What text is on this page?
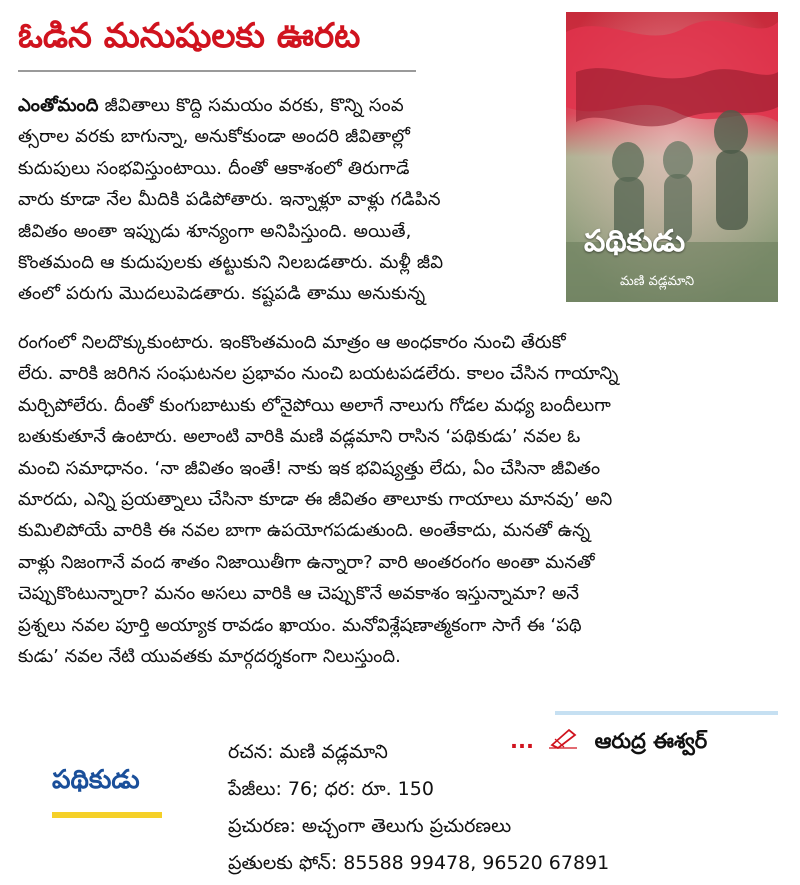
ఓడిన మనుషులకు ఊరట
పథికుడు
మణి వడ్లమాని
ఎంతోమంది జీవితాలు కొద్ది సమయం వరకు, కొన్ని సంవ
త్సరాల వరకు బాగున్నా, అనుకోకుండా అందరి జీవితాల్లో
కుదుపులు సంభవిస్తుంటాయి. దీంతో ఆకాశంలో తిరుగాడే
వారు కూడా నేల మీదికి పడిపోతారు. ఇన్నాళ్లూ వాళ్లు గడిపిన
జీవితం అంతా ఇప్పుడు శూన్యంగా అనిపిస్తుంది. అయితే,
కొంతమంది ఆ కుదుపులకు తట్టుకుని నిలబడతారు. మళ్లీ జీవి
తంలో పరుగు మొదలుపెడతారు. కష్టపడి తాము అనుకున్న
రంగంలో నిలదొక్కుకుంటారు. ఇంకొంతమంది మాత్రం ఆ అంధకారం నుంచి తేరుకో
లేరు. వారికి జరిగిన సంఘటనల ప్రభావం నుంచి బయటపడలేరు. కాలం చేసిన గాయాన్ని
మర్చిపోలేరు. దీంతో కుంగుబాటుకు లోనైపోయి అలాగే నాలుగు గోడల మధ్య బందీలుగా
బతుకుతూనే ఉంటారు. అలాంటి వారికి మణి వడ్లమాని రాసిన ‘పథికుడు’ నవల ఓ
మంచి సమాధానం. ‘నా జీవితం ఇంతే! నాకు ఇక భవిష్యత్తు లేదు, ఏం చేసినా జీవితం
మారదు, ఎన్ని ప్రయత్నాలు చేసినా కూడా ఈ జీవితం తాలూకు గాయాలు మానవు’ అని
కుమిలిపోయే వారికి ఈ నవల బాగా ఉపయోగపడుతుంది. అంతేకాదు, మనతో ఉన్న
వాళ్లు నిజంగానే వంద శాతం నిజాయితీగా ఉన్నారా? వారి అంతరంగం అంతా మనతో
చెప్పుకొంటున్నారా? మనం అసలు వారికి ఆ చెప్పుకొనే అవకాశం ఇస్తున్నామా? అనే
ప్రశ్నలు నవల పూర్తి అయ్యాక రావడం ఖాయం. మనోవిశ్లేషణాత్మకంగా సాగే ఈ ‘పథి
కుడు’ నవల నేటి యువతకు మార్గదర్శకంగా నిలుస్తుంది.
...	ఆరుద్ర ఈశ్వర్
పథికుడు
రచన: మణి వడ్లమాని
పేజీలు: 76; ధర: రూ. 150
ప్రచురణ: అచ్చంగా తెలుగు ప్రచురణలు
ప్రతులకు ఫోన్: 85588 99478, 96520 67891
